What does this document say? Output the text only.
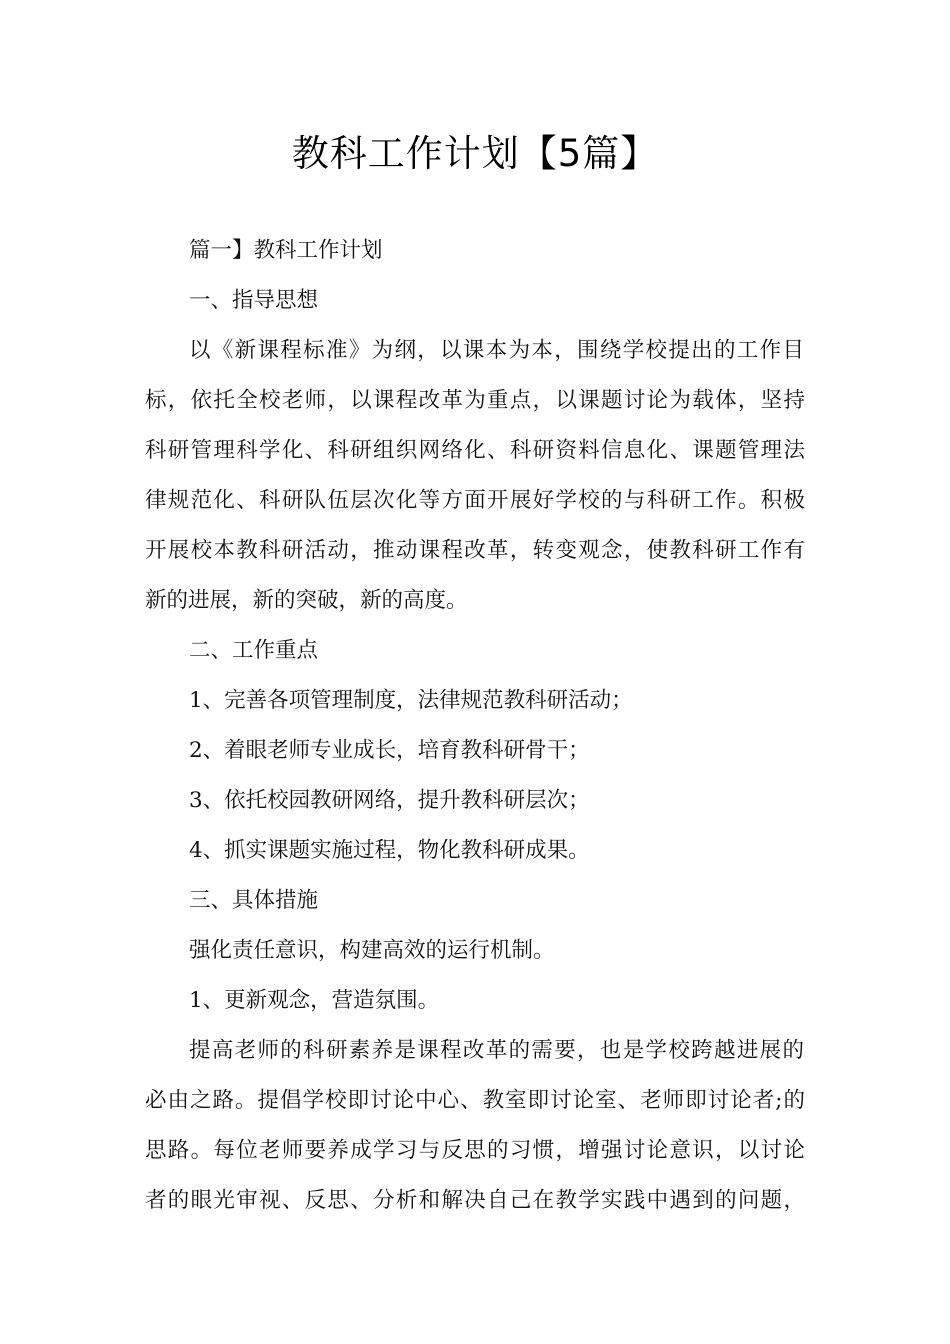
教科工作计划【5篇】
篇一】教科工作计划
一、指导思想
以《新课程标准》为纲，以课本为本，围绕学校提出的工作目
标，依托全校老师，以课程改革为重点，以课题讨论为载体，坚持
科研管理科学化、科研组织网络化、科研资料信息化、课题管理法
律规范化、科研队伍层次化等方面开展好学校的与科研工作。积极
开展校本教科研活动，推动课程改革，转变观念，使教科研工作有
新的进展，新的突破，新的高度。
二、工作重点
1、完善各项管理制度，法律规范教科研活动；
2、着眼老师专业成长，培育教科研骨干；
3、依托校园教研网络，提升教科研层次；
4、抓实课题实施过程，物化教科研成果。
三、具体措施
强化责任意识，构建高效的运行机制。
1、更新观念，营造氛围。
提高老师的科研素养是课程改革的需要，也是学校跨越进展的
必由之路。提倡学校即讨论中心、教室即讨论室、老师即讨论者;的
思路。每位老师要养成学习与反思的习惯，增强讨论意识，以讨论
者的眼光审视、反思、分析和解决自己在教学实践中遇到的问题，
